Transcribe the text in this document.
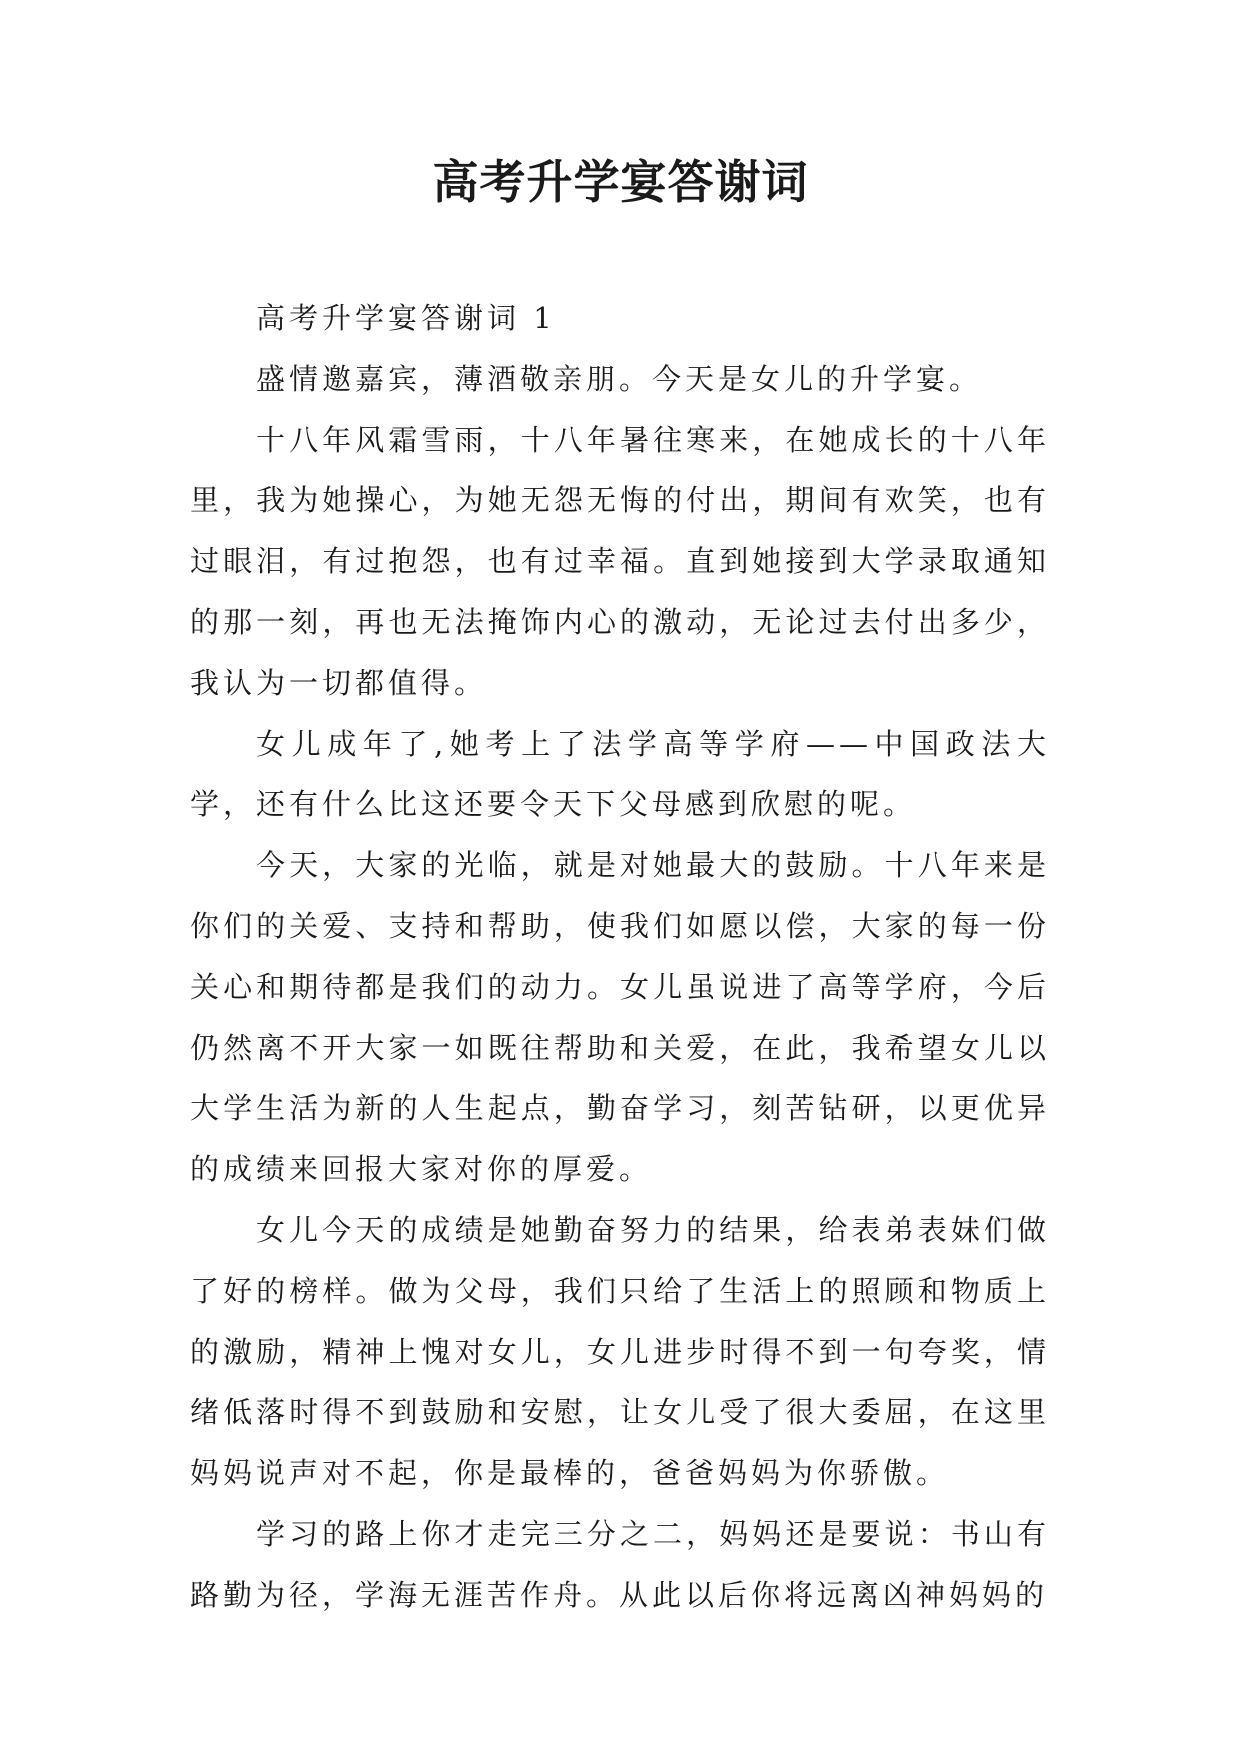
高考升学宴答谢词

高考升学宴答谢词 1

盛情邀嘉宾，薄酒敬亲朋。今天是女儿的升学宴。

十八年风霜雪雨，十八年暑往寒来，在她成长的十八年里，我为她操心，为她无怨无悔的付出，期间有欢笑，也有过眼泪，有过抱怨，也有过幸福。直到她接到大学录取通知的那一刻，再也无法掩饰内心的激动，无论过去付出多少，我认为一切都值得。

女儿成年了,她考上了法学高等学府——中国政法大学，还有什么比这还要令天下父母感到欣慰的呢。

今天，大家的光临，就是对她最大的鼓励。十八年来是你们的关爱、支持和帮助，使我们如愿以偿，大家的每一份关心和期待都是我们的动力。女儿虽说进了高等学府，今后仍然离不开大家一如既往帮助和关爱，在此，我希望女儿以大学生活为新的人生起点，勤奋学习，刻苦钻研，以更优异的成绩来回报大家对你的厚爱。

女儿今天的成绩是她勤奋努力的结果，给表弟表妹们做了好的榜样。做为父母，我们只给了生活上的照顾和物质上的激励，精神上愧对女儿，女儿进步时得不到一句夸奖，情绪低落时得不到鼓励和安慰，让女儿受了很大委屈，在这里妈妈说声对不起，你是最棒的，爸爸妈妈为你骄傲。

学习的路上你才走完三分之二，妈妈还是要说：书山有路勤为径，学海无涯苦作舟。从此以后你将远离凶神妈妈的
